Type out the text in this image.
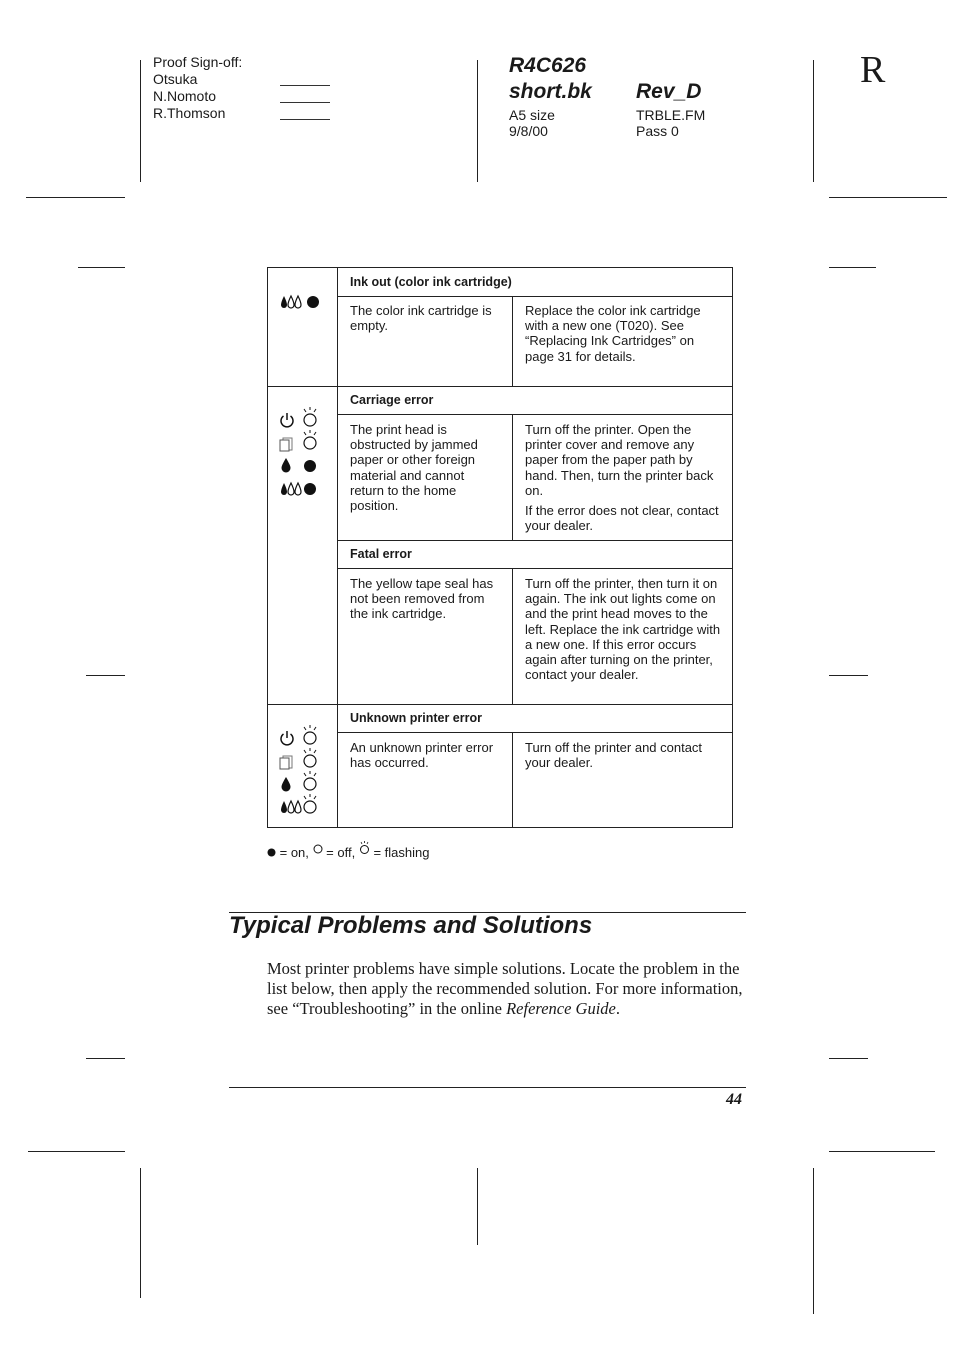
Proof Sign-off:
Otsuka
N.Nomoto
R.Thomson
R4C626
short.bk Rev_D
A5 size
9/8/00
TRBLE.FM
Pass 0
R
Ink out (color ink cartridge)
The color ink cartridge is empty.
Replace the color ink cartridge with a new one (T020). See “Replacing Ink Cartridges” on page 31 for details.
Carriage error
The print head is obstructed by jammed paper or other foreign material and cannot return to the home position.
Turn off the printer. Open the printer cover and remove any paper from the paper path by hand. Then, turn the printer back on.
If the error does not clear, contact your dealer.
Fatal error
The yellow tape seal has not been removed from the ink cartridge.
Turn off the printer, then turn it on again. The ink out lights come on and the print head moves to the left. Replace the ink cartridge with a new one. If this error occurs again after turning on the printer, contact your dealer.
Unknown printer error
An unknown printer error has occurred.
Turn off the printer and contact your dealer.
= on, = off, = flashing
Typical Problems and Solutions
Most printer problems have simple solutions. Locate the problem in the list below, then apply the recommended solution. For more information, see “Troubleshooting” in the online Reference Guide.
44
